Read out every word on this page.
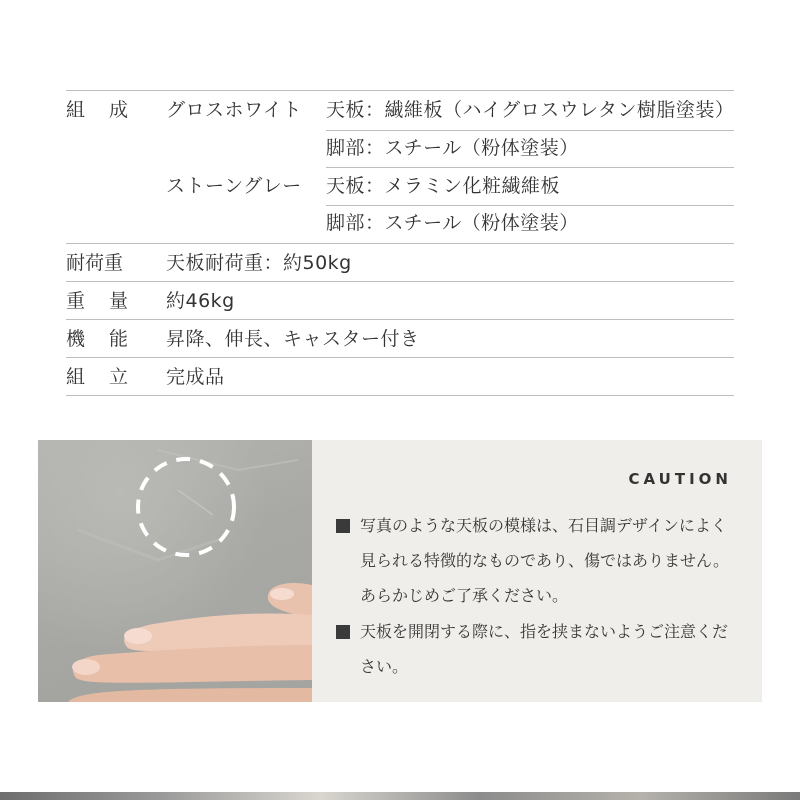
組 成 グロスホワイト 天板：繊維板（ハイグロスウレタン樹脂塗装）
脚部：スチール（粉体塗装）
ストーングレー 天板：メラミン化粧繊維板
脚部：スチール（粉体塗装）
耐荷重 天板耐荷重：約50kg
重 量 約46kg
機 能 昇降、伸長、キャスター付き
組 立 完成品
CAUTION
写真のような天板の模様は、石目調デザインによく見られる特徴的なものであり、傷ではありません。あらかじめご了承ください。
天板を開閉する際に、指を挟まないようご注意ください。
